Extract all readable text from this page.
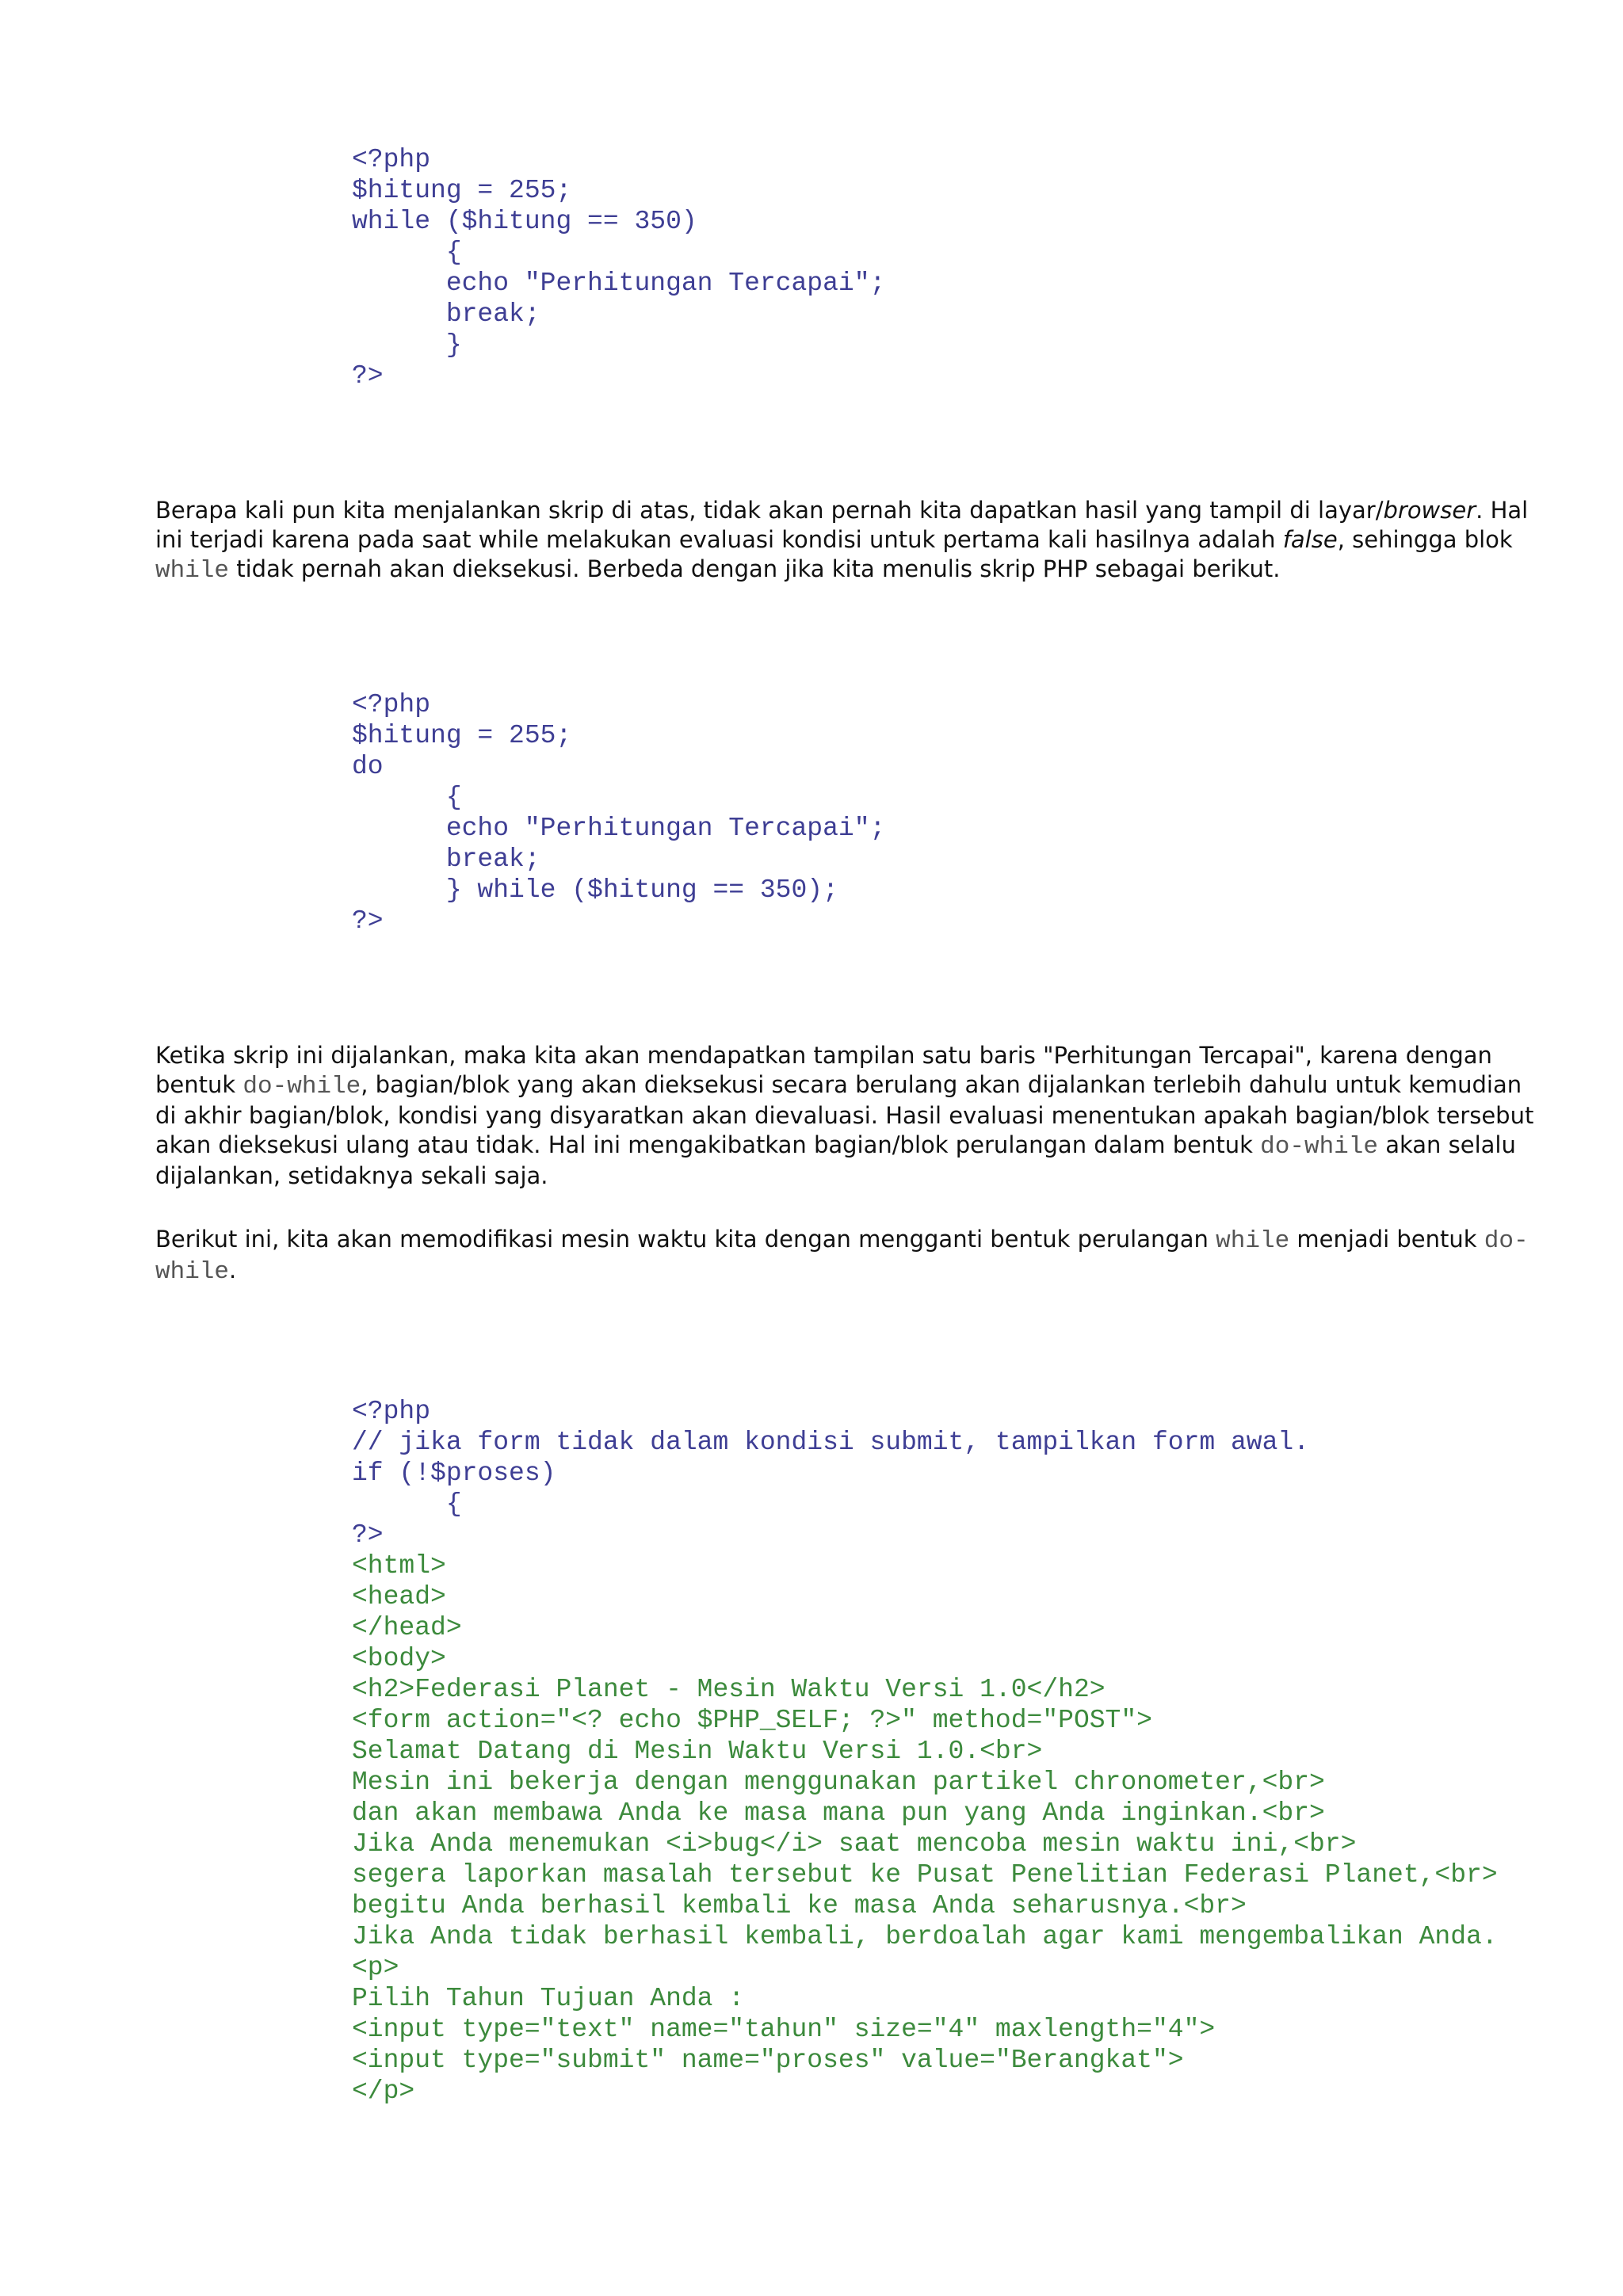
<?php
$hitung = 255;
while ($hitung == 350)
{
echo "Perhitungan Tercapai";
break;
}
?>

Berapa kali pun kita menjalankan skrip di atas, tidak akan pernah kita dapatkan hasil yang tampil di layar/browser. Hal ini terjadi karena pada saat while melakukan evaluasi kondisi untuk pertama kali hasilnya adalah false, sehingga blok while tidak pernah akan dieksekusi. Berbeda dengan jika kita menulis skrip PHP sebagai berikut.

<?php
$hitung = 255;
do
{
echo "Perhitungan Tercapai";
break;
} while ($hitung == 350);
?>

Ketika skrip ini dijalankan, maka kita akan mendapatkan tampilan satu baris "Perhitungan Tercapai", karena dengan bentuk do-while, bagian/blok yang akan dieksekusi secara berulang akan dijalankan terlebih dahulu untuk kemudian di akhir bagian/blok, kondisi yang disyaratkan akan dievaluasi. Hasil evaluasi menentukan apakah bagian/blok tersebut akan dieksekusi ulang atau tidak. Hal ini mengakibatkan bagian/blok perulangan dalam bentuk do-while akan selalu dijalankan, setidaknya sekali saja.

Berikut ini, kita akan memodifikasi mesin waktu kita dengan mengganti bentuk perulangan while menjadi bentuk do-while.

<?php
// jika form tidak dalam kondisi submit, tampilkan form awal.
if (!$proses)
{
?>
<html>
<head>
</head>
<body>
<h2>Federasi Planet - Mesin Waktu Versi 1.0</h2>
<form action="<? echo $PHP_SELF; ?>" method="POST">
Selamat Datang di Mesin Waktu Versi 1.0.<br>
Mesin ini bekerja dengan menggunakan partikel chronometer,<br>
dan akan membawa Anda ke masa mana pun yang Anda inginkan.<br>
Jika Anda menemukan <i>bug</i> saat mencoba mesin waktu ini,<br>
segera laporkan masalah tersebut ke Pusat Penelitian Federasi Planet,<br>
begitu Anda berhasil kembali ke masa Anda seharusnya.<br>
Jika Anda tidak berhasil kembali, berdoalah agar kami mengembalikan Anda.
<p>
Pilih Tahun Tujuan Anda :
<input type="text" name="tahun" size="4" maxlength="4">
<input type="submit" name="proses" value="Berangkat">
</p>
